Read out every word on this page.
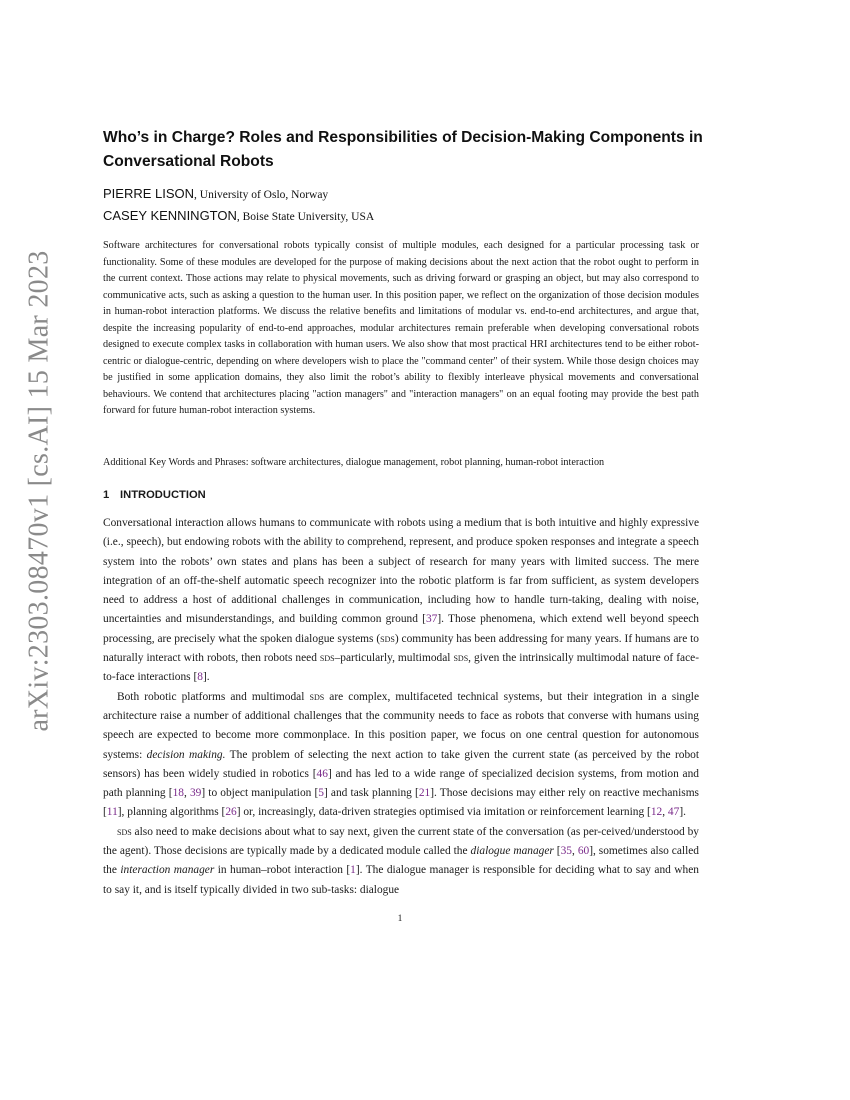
arXiv:2303.08470v1 [cs.AI] 15 Mar 2023
Who’s in Charge? Roles and Responsibilities of Decision-Making Components in Conversational Robots
PIERRE LISON, University of Oslo, Norway
CASEY KENNINGTON, Boise State University, USA

Software architectures for conversational robots typically consist of multiple modules, each designed for a particular processing task or functionality. Some of these modules are developed for the purpose of making decisions about the next action that the robot ought to perform in the current context. Those actions may relate to physical movements, such as driving forward or grasping an object, but may also correspond to communicative acts, such as asking a question to the human user. In this position paper, we reflect on the organization of those decision modules in human-robot interaction platforms. We discuss the relative benefits and limitations of modular vs. end-to-end architectures, and argue that, despite the increasing popularity of end-to-end approaches, modular architectures remain preferable when developing conversational robots designed to execute complex tasks in collaboration with human users. We also show that most practical HRI architectures tend to be either robot-centric or dialogue-centric, depending on where developers wish to place the "command center" of their system. While those design choices may be justified in some application domains, they also limit the robot’s ability to flexibly interleave physical movements and conversational behaviours. We contend that architectures placing "action managers" and "interaction managers" on an equal footing may provide the best path forward for future human-robot interaction systems.

Additional Key Words and Phrases: software architectures, dialogue management, robot planning, human-robot interaction

1 INTRODUCTION

Conversational interaction allows humans to communicate with robots using a medium that is both intuitive and highly expressive (i.e., speech), but endowing robots with the ability to comprehend, represent, and produce spoken responses and integrate a speech system into the robots’ own states and plans has been a subject of research for many years with limited success. The mere integration of an off-the-shelf automatic speech recognizer into the robotic platform is far from sufficient, as system developers need to address a host of additional challenges in communication, including how to handle turn-taking, dealing with noise, uncertainties and misunderstandings, and building common ground [37]. Those phenomena, which extend well beyond speech processing, are precisely what the spoken dialogue systems (sds) community has been addressing for many years. If humans are to naturally interact with robots, then robots need sds–particularly, multimodal sds, given the intrinsically multimodal nature of face-to-face interactions [8].

Both robotic platforms and multimodal sds are complex, multifaceted technical systems, but their integration in a single architecture raise a number of additional challenges that the community needs to face as robots that converse with humans using speech are expected to become more commonplace. In this position paper, we focus on one central question for autonomous systems: decision making. The problem of selecting the next action to take given the current state (as perceived by the robot sensors) has been widely studied in robotics [46] and has led to a wide range of specialized decision systems, from motion and path planning [18, 39] to object manipulation [5] and task planning [21]. Those decisions may either rely on reactive mechanisms [11], planning algorithms [26] or, increasingly, data-driven strategies optimised via imitation or reinforcement learning [12, 47].

sds also need to make decisions about what to say next, given the current state of the conversation (as per-ceived/understood by the agent). Those decisions are typically made by a dedicated module called the dialogue manager [35, 60], sometimes also called the interaction manager in human–robot interaction [1]. The dialogue manager is responsible for deciding what to say and when to say it, and is itself typically divided in two sub-tasks: dialogue

1
